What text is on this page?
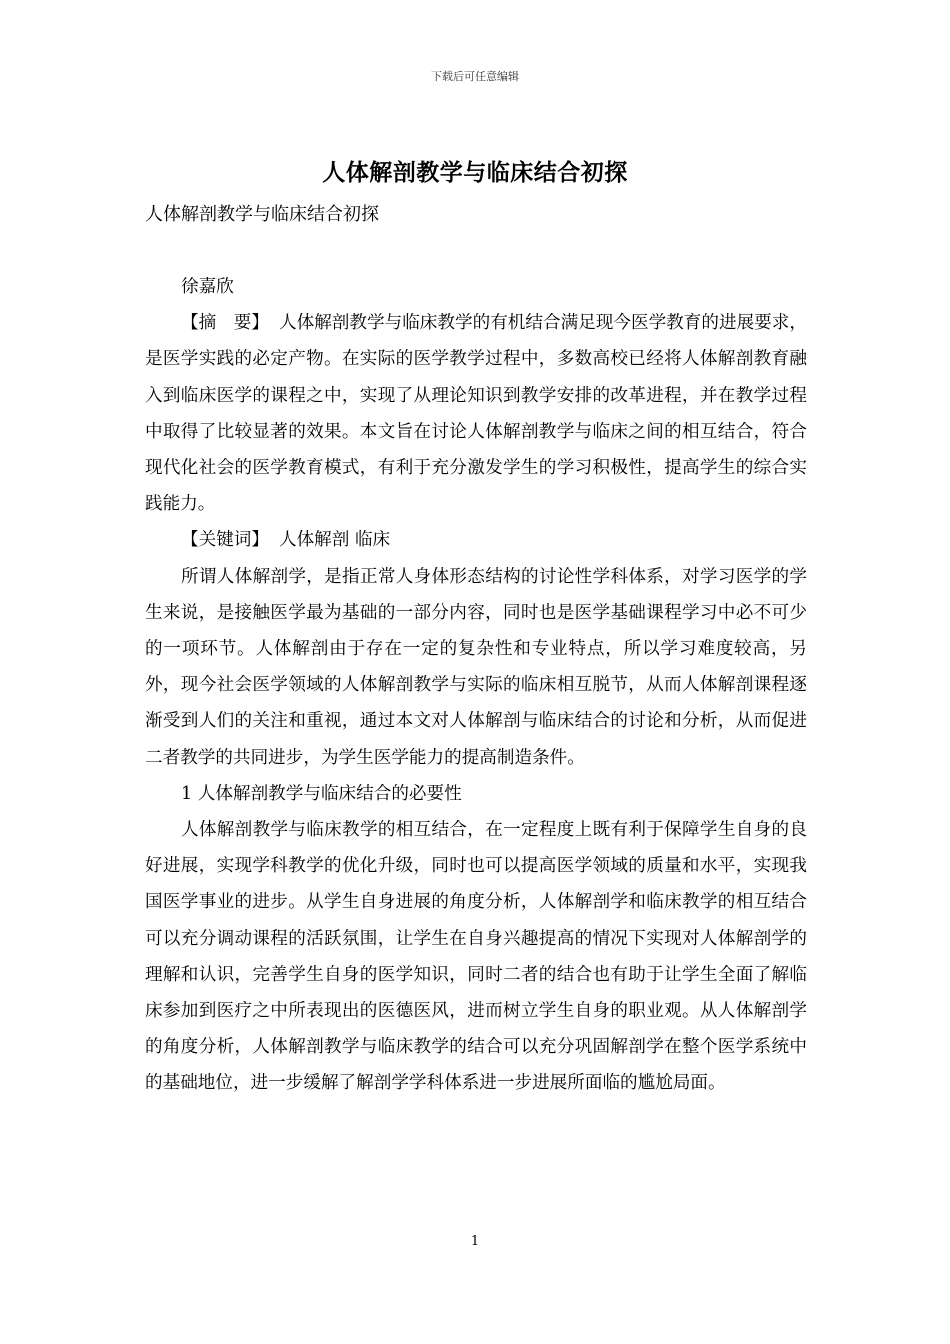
下载后可任意编辑
人体解剖教学与临床结合初探
人体解剖教学与临床结合初探

徐嘉欣

【摘　要】 人体解剖教学与临床教学的有机结合满足现今医学教育的进展要求，是医学实践的必定产物。在实际的医学教学过程中，多数高校已经将人体解剖教育融入到临床医学的课程之中，实现了从理论知识到教学安排的改革进程，并在教学过程中取得了比较显著的效果。本文旨在讨论人体解剖教学与临床之间的相互结合，符合现代化社会的医学教育模式，有利于充分激发学生的学习积极性，提高学生的综合实践能力。

【关键词】 人体解剖 临床

所谓人体解剖学，是指正常人身体形态结构的讨论性学科体系，对学习医学的学生来说，是接触医学最为基础的一部分内容，同时也是医学基础课程学习中必不可少的一项环节。人体解剖由于存在一定的复杂性和专业特点，所以学习难度较高，另外，现今社会医学领域的人体解剖教学与实际的临床相互脱节，从而人体解剖课程逐渐受到人们的关注和重视，通过本文对人体解剖与临床结合的讨论和分析，从而促进二者教学的共同进步，为学生医学能力的提高制造条件。

1 人体解剖教学与临床结合的必要性

人体解剖教学与临床教学的相互结合，在一定程度上既有利于保障学生自身的良好进展，实现学科教学的优化升级，同时也可以提高医学领域的质量和水平，实现我国医学事业的进步。从学生自身进展的角度分析，人体解剖学和临床教学的相互结合可以充分调动课程的活跃氛围，让学生在自身兴趣提高的情况下实现对人体解剖学的理解和认识，完善学生自身的医学知识，同时二者的结合也有助于让学生全面了解临床参加到医疗之中所表现出的医德医风，进而树立学生自身的职业观。从人体解剖学的角度分析，人体解剖教学与临床教学的结合可以充分巩固解剖学在整个医学系统中的基础地位，进一步缓解了解剖学学科体系进一步进展所面临的尴尬局面。

1
